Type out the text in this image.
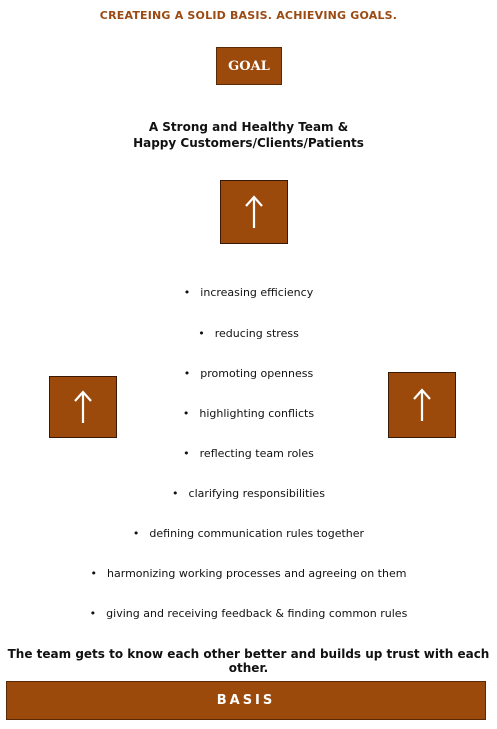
CREATEING A SOLID BASIS. ACHIEVING GOALS.
GOAL
A Strong and Healthy Team &
Happy Customers/Clients/Patients
• increasing efficiency
• reducing stress
• promoting openness
• highlighting conflicts
• reflecting team roles
• clarifying responsibilities
• defining communication rules together
• harmonizing working processes and agreeing on them
• giving and receiving feedback & finding common rules
The team gets to know each other better and builds up trust with each other.
BASIS
